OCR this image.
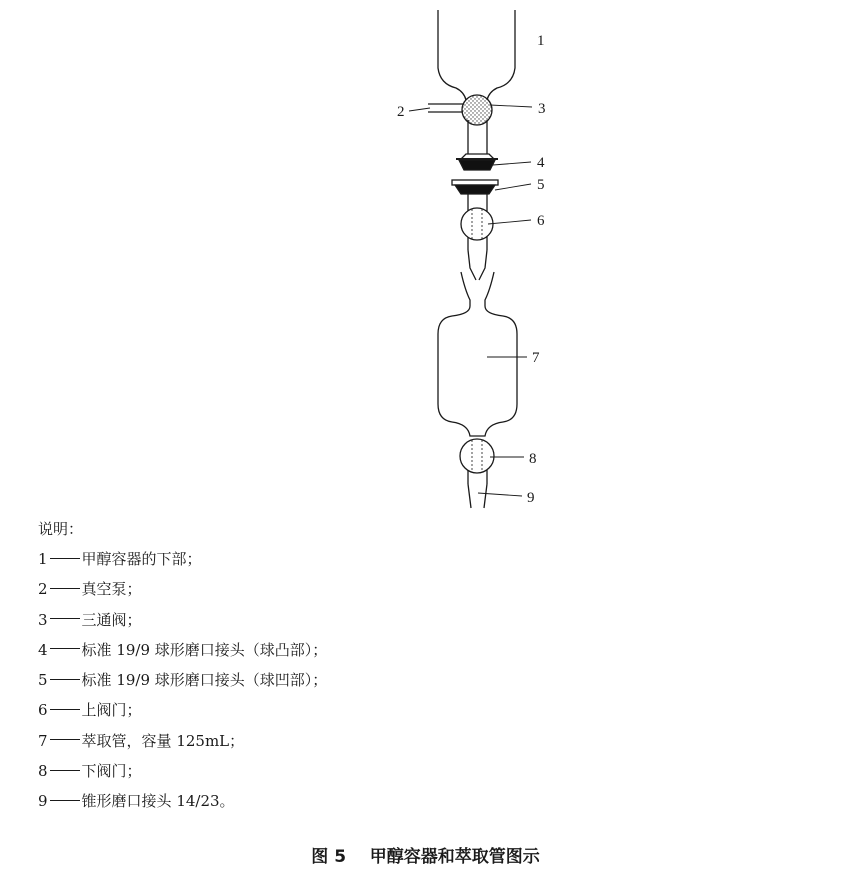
1
2	3
4
5
6
7
8
9
说明：
1 甲醇容器的下部；
2 真空泵；
3 三通阀；
4 标准 19/9 球形磨口接头（球凸部）；
5 标准 19/9 球形磨口接头（球凹部）；
6 上阀门；
7 萃取管，容量 125mL；
8 下阀门；
9 锥形磨口接头 14/23。
图 5 甲醇容器和萃取管图示
